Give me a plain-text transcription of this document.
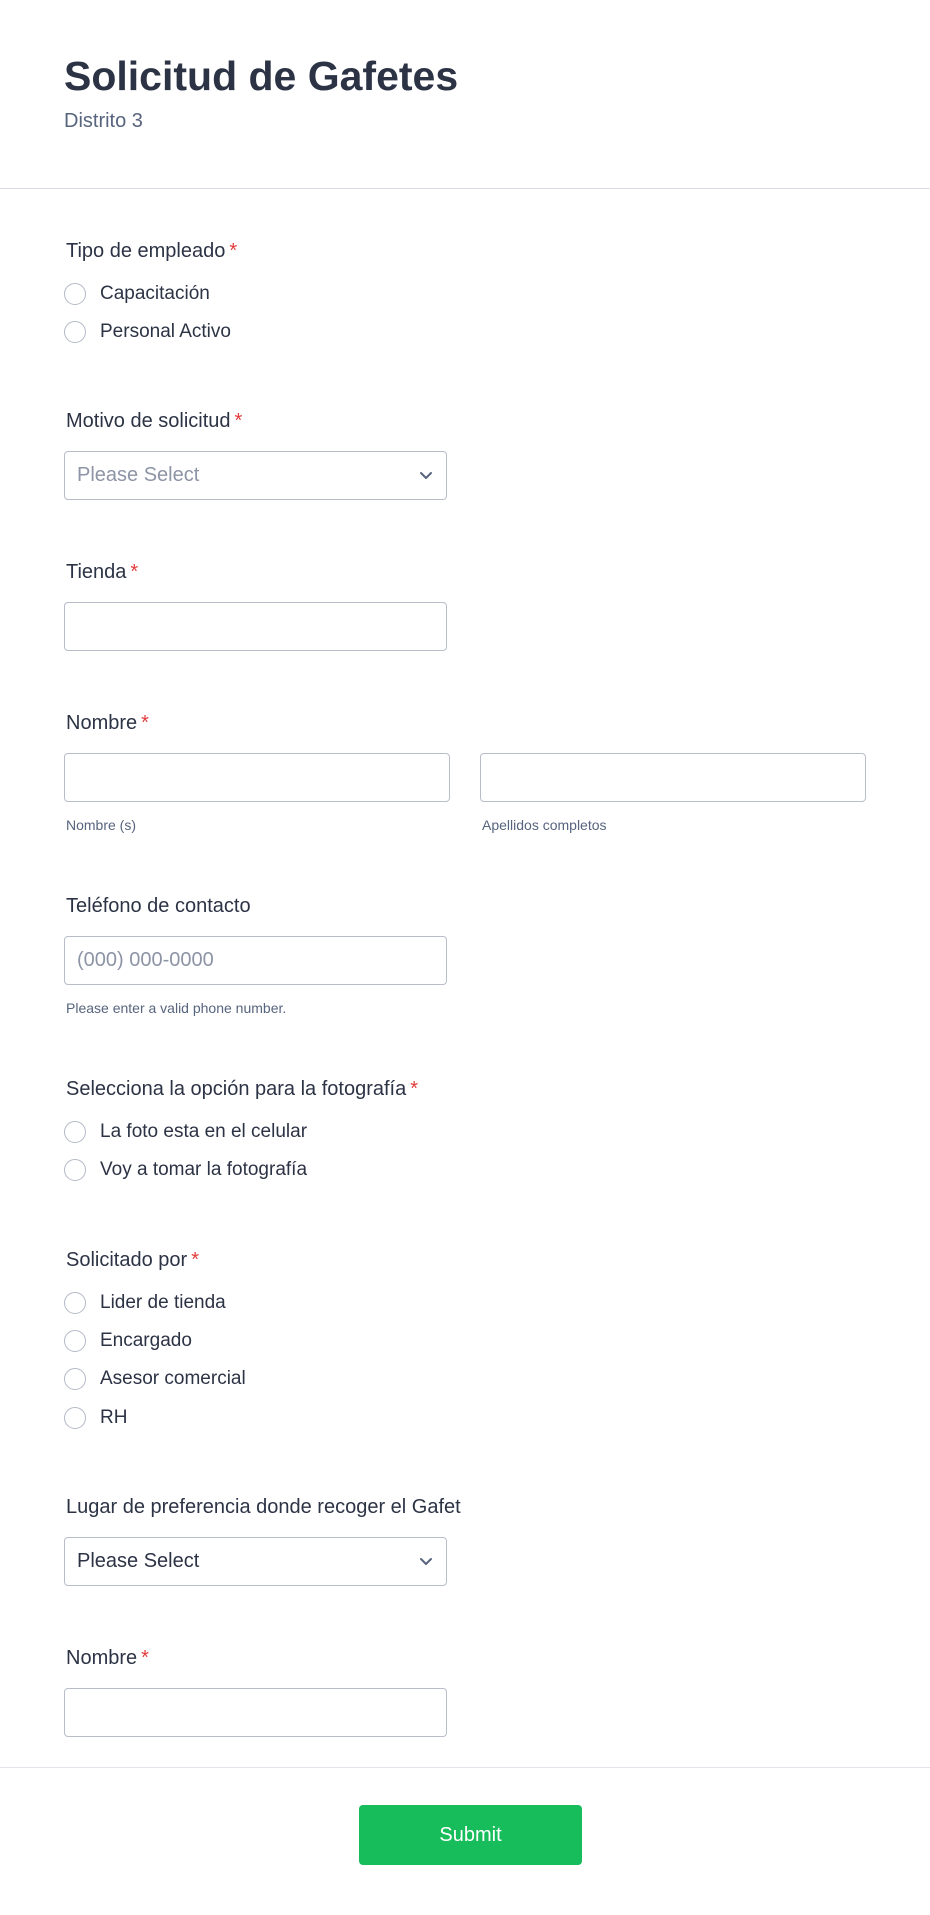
Solicitud de Gafetes
Distrito 3
Tipo de empleado *
Capacitación
Personal Activo
Motivo de solicitud *
Please Select
Tienda *
Nombre *
Nombre (s)	Apellidos completos
Teléfono de contacto
(000) 000-0000
Please enter a valid phone number.
Selecciona la opción para la fotografía *
La foto esta en el celular
Voy a tomar la fotografía
Solicitado por *
Lider de tienda
Encargado
Asesor comercial
RH
Lugar de preferencia donde recoger el Gafet
Please Select
Nombre *
Submit
